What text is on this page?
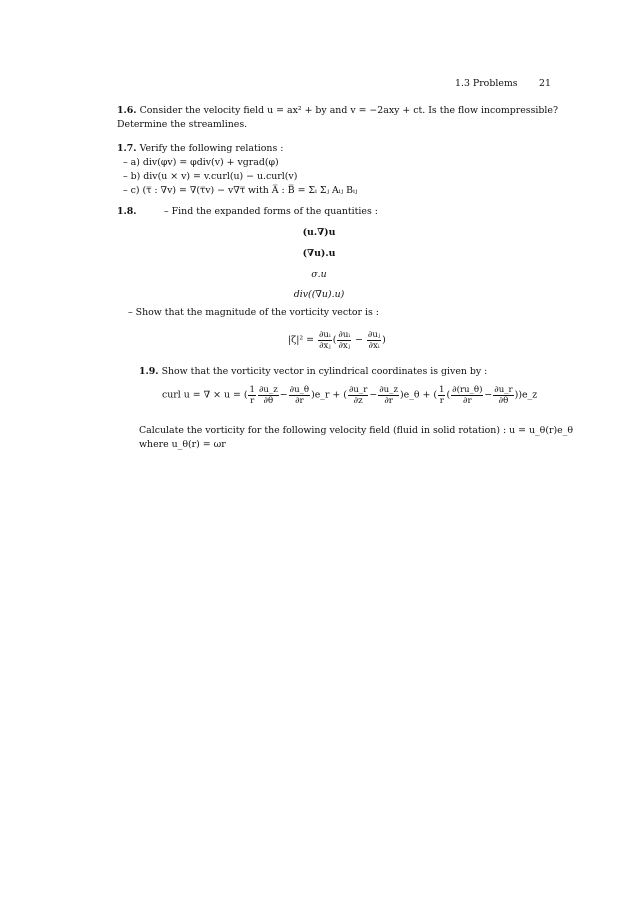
1.3 Problems 21
1.6. Consider the velocity field u = ax² + by and v = −2axy + ct. Is the flow incompressible?
Determine the streamlines.
1.7. Verify the following relations :
– a) div(φv) = φdiv(v) + vgrad(φ)
– b) div(u × v) = v.curl(u) − u.curl(v)
– c) (τ̿ : ∇v) = ∇(τ̿v) − v∇τ̿ with A̿ : B̿ = Σᵢ Σⱼ Aᵢⱼ Bᵢⱼ
1.8.	– Find the expanded forms of the quantities :
(u.∇)u
(∇u).u
σ.u
div((∇u).u)
– Show that the magnitude of the vorticity vector is :
$|\zeta|^2 = \frac{\text{∂uᵢ}}{\text{∂xⱼ}}$ ( $\frac{\text{∂uᵢ}}{\text{∂xⱼ}} - \frac{\text{∂uⱼ}}{\text{∂xᵢ}}$ )
1.9. Show that the vorticity vector in cylindrical coordinates is given by :
curl u = ∇ × u = ( $\frac{1}{r} \frac{\partial u\_z}{\partial\theta} - \frac{\partial u\_\theta}{\partial r}$ )e_r + ( $\frac{\partial u\_r}{\partial z} - \frac{\partial u\_z}{\partial r}$ )e_θ + ( $\frac{1}{r}$ ( $\frac{\partial(ru\_\theta)}{\partial r} - \frac{\partial u\_r}{\partial\theta}$ ))e_z
Calculate the vorticity for the following velocity field (fluid in solid rotation) : u = u_θ(r)e_θ
where u_θ(r) = ωr
